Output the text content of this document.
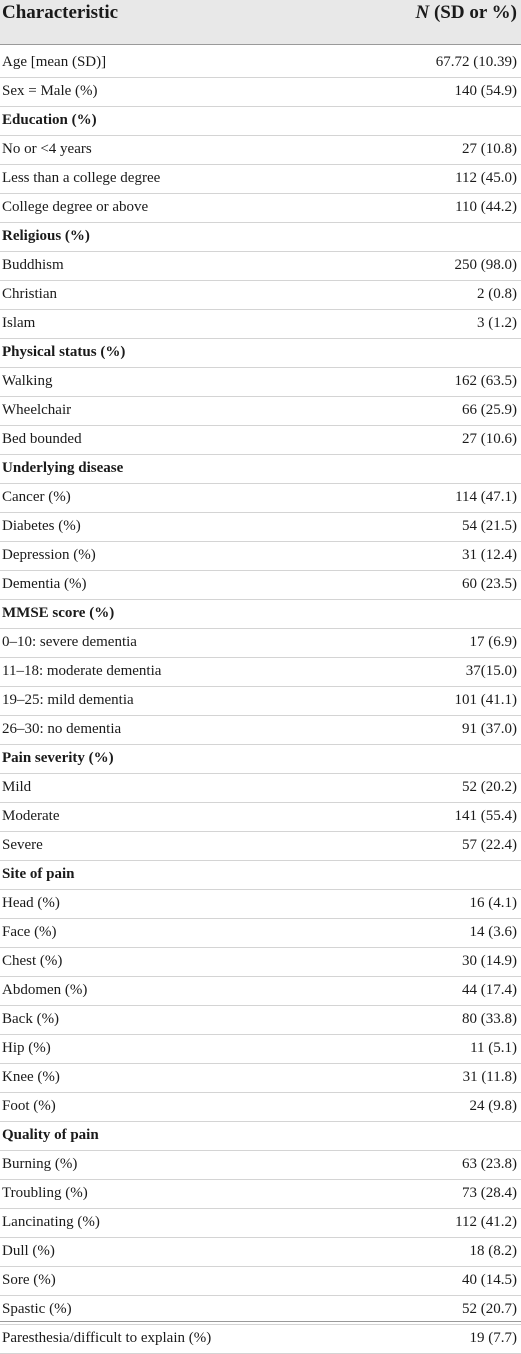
Characteristic	N (SD or %)
Age [mean (SD)]	67.72 (10.39)
Sex = Male (%)	140 (54.9)
Education (%)
No or <4 years	27 (10.8)
Less than a college degree	112 (45.0)
College degree or above	110 (44.2)
Religious (%)
Buddhism	250 (98.0)
Christian	2 (0.8)
Islam	3 (1.2)
Physical status (%)
Walking	162 (63.5)
Wheelchair	66 (25.9)
Bed bounded	27 (10.6)
Underlying disease
Cancer (%)	114 (47.1)
Diabetes (%)	54 (21.5)
Depression (%)	31 (12.4)
Dementia (%)	60 (23.5)
MMSE score (%)
0–10: severe dementia	17 (6.9)
11–18: moderate dementia	37(15.0)
19–25: mild dementia	101 (41.1)
26–30: no dementia	91 (37.0)
Pain severity (%)
Mild	52 (20.2)
Moderate	141 (55.4)
Severe	57 (22.4)
Site of pain
Head (%)	16 (4.1)
Face (%)	14 (3.6)
Chest (%)	30 (14.9)
Abdomen (%)	44 (17.4)
Back (%)	80 (33.8)
Hip (%)	11 (5.1)
Knee (%)	31 (11.8)
Foot (%)	24 (9.8)
Quality of pain
Burning (%)	63 (23.8)
Troubling (%)	73 (28.4)
Lancinating (%)	112 (41.2)
Dull (%)	18 (8.2)
Sore (%)	40 (14.5)
Spastic (%)	52 (20.7)
Paresthesia/difficult to explain (%)	19 (7.7)
